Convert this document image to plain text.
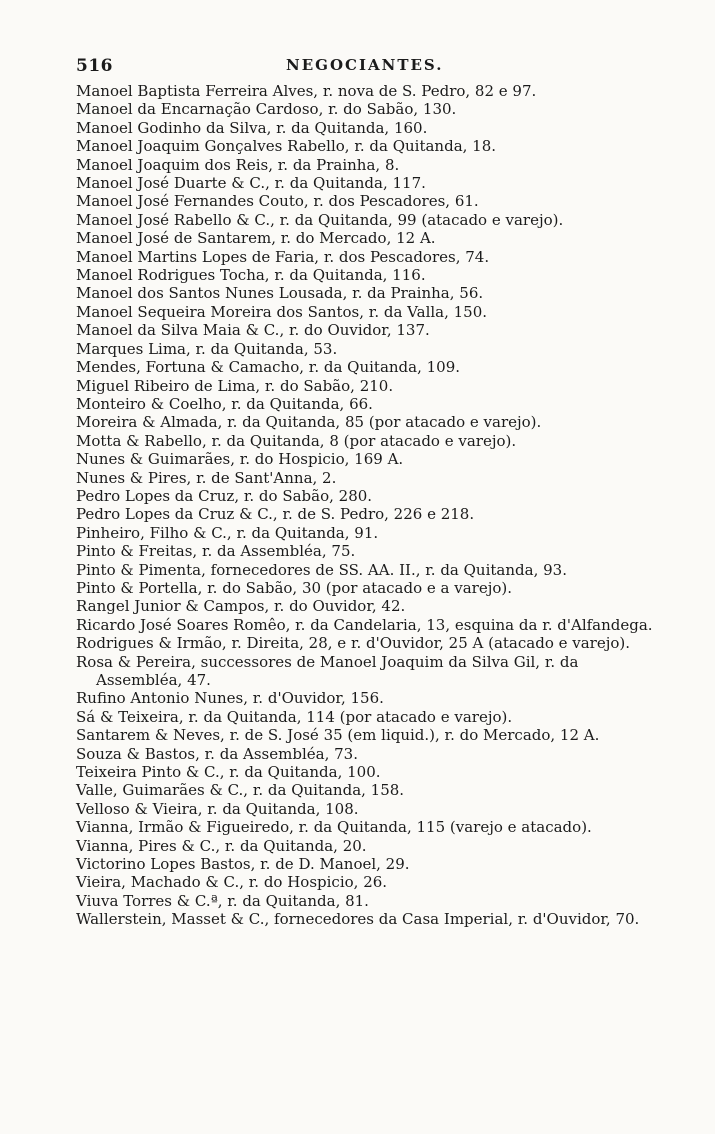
516	NEGOCIANTES.
Manoel Baptista Ferreira Alves, r. nova de S. Pedro, 82 e 97.
Manoel da Encarnação Cardoso, r. do Sabão, 130.
Manoel Godinho da Silva, r. da Quitanda, 160.
Manoel Joaquim Gonçalves Rabello, r. da Quitanda, 18.
Manoel Joaquim dos Reis, r. da Prainha, 8.
Manoel José Duarte & C., r. da Quitanda, 117.
Manoel José Fernandes Couto, r. dos Pescadores, 61.
Manoel José Rabello & C., r. da Quitanda, 99 (atacado e varejo).
Manoel José de Santarem, r. do Mercado, 12 A.
Manoel Martins Lopes de Faria, r. dos Pescadores, 74.
Manoel Rodrigues Tocha, r. da Quitanda, 116.
Manoel dos Santos Nunes Lousada, r. da Prainha, 56.
Manoel Sequeira Moreira dos Santos, r. da Valla, 150.
Manoel da Silva Maia & C., r. do Ouvidor, 137.
Marques Lima, r. da Quitanda, 53.
Mendes, Fortuna & Camacho, r. da Quitanda, 109.
Miguel Ribeiro de Lima, r. do Sabão, 210.
Monteiro & Coelho, r. da Quitanda, 66.
Moreira & Almada, r. da Quitanda, 85 (por atacado e varejo).
Motta & Rabello, r. da Quitanda, 8 (por atacado e varejo).
Nunes & Guimarães, r. do Hospicio, 169 A.
Nunes & Pires, r. de Sant'Anna, 2.
Pedro Lopes da Cruz, r. do Sabão, 280.
Pedro Lopes da Cruz & C., r. de S. Pedro, 226 e 218.
Pinheiro, Filho & C., r. da Quitanda, 91.
Pinto & Freitas, r. da Assembléa, 75.
Pinto & Pimenta, fornecedores de SS. AA. II., r. da Quitanda, 93.
Pinto & Portella, r. do Sabão, 30 (por atacado e a varejo).
Rangel Junior & Campos, r. do Ouvidor, 42.
Ricardo José Soares Romêo, r. da Candelaria, 13, esquina da r. d'Alfandega.
Rodrigues & Irmão, r. Direita, 28, e r. d'Ouvidor, 25 A (atacado e varejo).
Rosa & Pereira, successores de Manoel Joaquim da Silva Gil, r. da Assembléa, 47.
Rufino Antonio Nunes, r. d'Ouvidor, 156.
Sá & Teixeira, r. da Quitanda, 114 (por atacado e varejo).
Santarem & Neves, r. de S. José 35 (em liquid.), r. do Mercado, 12 A.
Souza & Bastos, r. da Assembléa, 73.
Teixeira Pinto & C., r. da Quitanda, 100.
Valle, Guimarães & C., r. da Quitanda, 158.
Velloso & Vieira, r. da Quitanda, 108.
Vianna, Irmão & Figueiredo, r. da Quitanda, 115 (varejo e atacado).
Vianna, Pires & C., r. da Quitanda, 20.
Victorino Lopes Bastos, r. de D. Manoel, 29.
Vieira, Machado & C., r. do Hospicio, 26.
Viuva Torres & C.ª, r. da Quitanda, 81.
Wallerstein, Masset & C., fornecedores da Casa Imperial, r. d'Ouvidor, 70.
